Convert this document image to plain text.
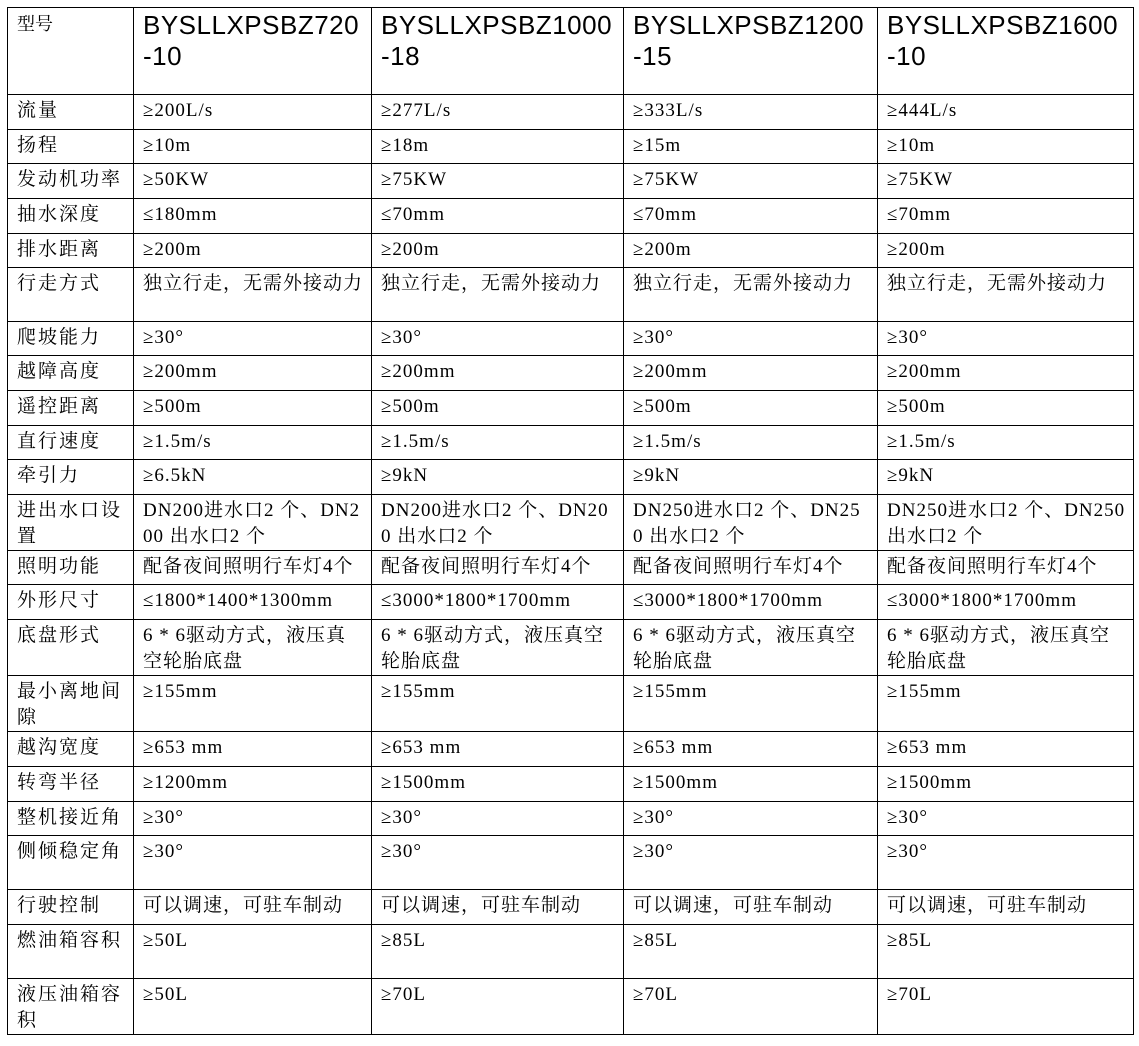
型号	BYSLLXPSBZ720-10	BYSLLXPSBZ1000-18	BYSLLXPSBZ1200-15	BYSLLXPSBZ1600-10
流量	≥200L/s	≥277L/s	≥333L/s	≥444L/s
扬程	≥10m	≥18m	≥15m	≥10m
发动机功率	≥50KW	≥75KW	≥75KW	≥75KW
抽水深度	≤180mm	≤70mm	≤70mm	≤70mm
排水距离	≥200m	≥200m	≥200m	≥200m
行走方式	独立行走，无需外接动力	独立行走，无需外接动力	独立行走，无需外接动力	独立行走，无需外接动力
爬坡能力	≥30°	≥30°	≥30°	≥30°
越障高度	≥200mm	≥200mm	≥200mm	≥200mm
遥控距离	≥500m	≥500m	≥500m	≥500m
直行速度	≥1.5m/s	≥1.5m/s	≥1.5m/s	≥1.5m/s
牵引力	≥6.5kN	≥9kN	≥9kN	≥9kN
进出水口设置	DN200进水口2 个、DN200 出水口2 个	DN200进水口2 个、DN200 出水口2 个	DN250进水口2 个、DN250 出水口2 个	DN250进水口2 个、DN250 出水口2 个
照明功能	配备夜间照明行车灯4个	配备夜间照明行车灯4个	配备夜间照明行车灯4个	配备夜间照明行车灯4个
外形尺寸	≤1800*1400*1300mm	≤3000*1800*1700mm	≤3000*1800*1700mm	≤3000*1800*1700mm
底盘形式	6 * 6驱动方式，液压真空轮胎底盘	6 * 6驱动方式，液压真空轮胎底盘	6 * 6驱动方式，液压真空轮胎底盘	6 * 6驱动方式，液压真空轮胎底盘
最小离地间隙	≥155mm	≥155mm	≥155mm	≥155mm
越沟宽度	≥653 mm	≥653 mm	≥653 mm	≥653 mm
转弯半径	≥1200mm	≥1500mm	≥1500mm	≥1500mm
整机接近角	≥30°	≥30°	≥30°	≥30°
侧倾稳定角	≥30°	≥30°	≥30°	≥30°
行驶控制	可以调速，可驻车制动	可以调速，可驻车制动	可以调速，可驻车制动	可以调速，可驻车制动
燃油箱容积	≥50L	≥85L	≥85L	≥85L
液压油箱容积	≥50L	≥70L	≥70L	≥70L
